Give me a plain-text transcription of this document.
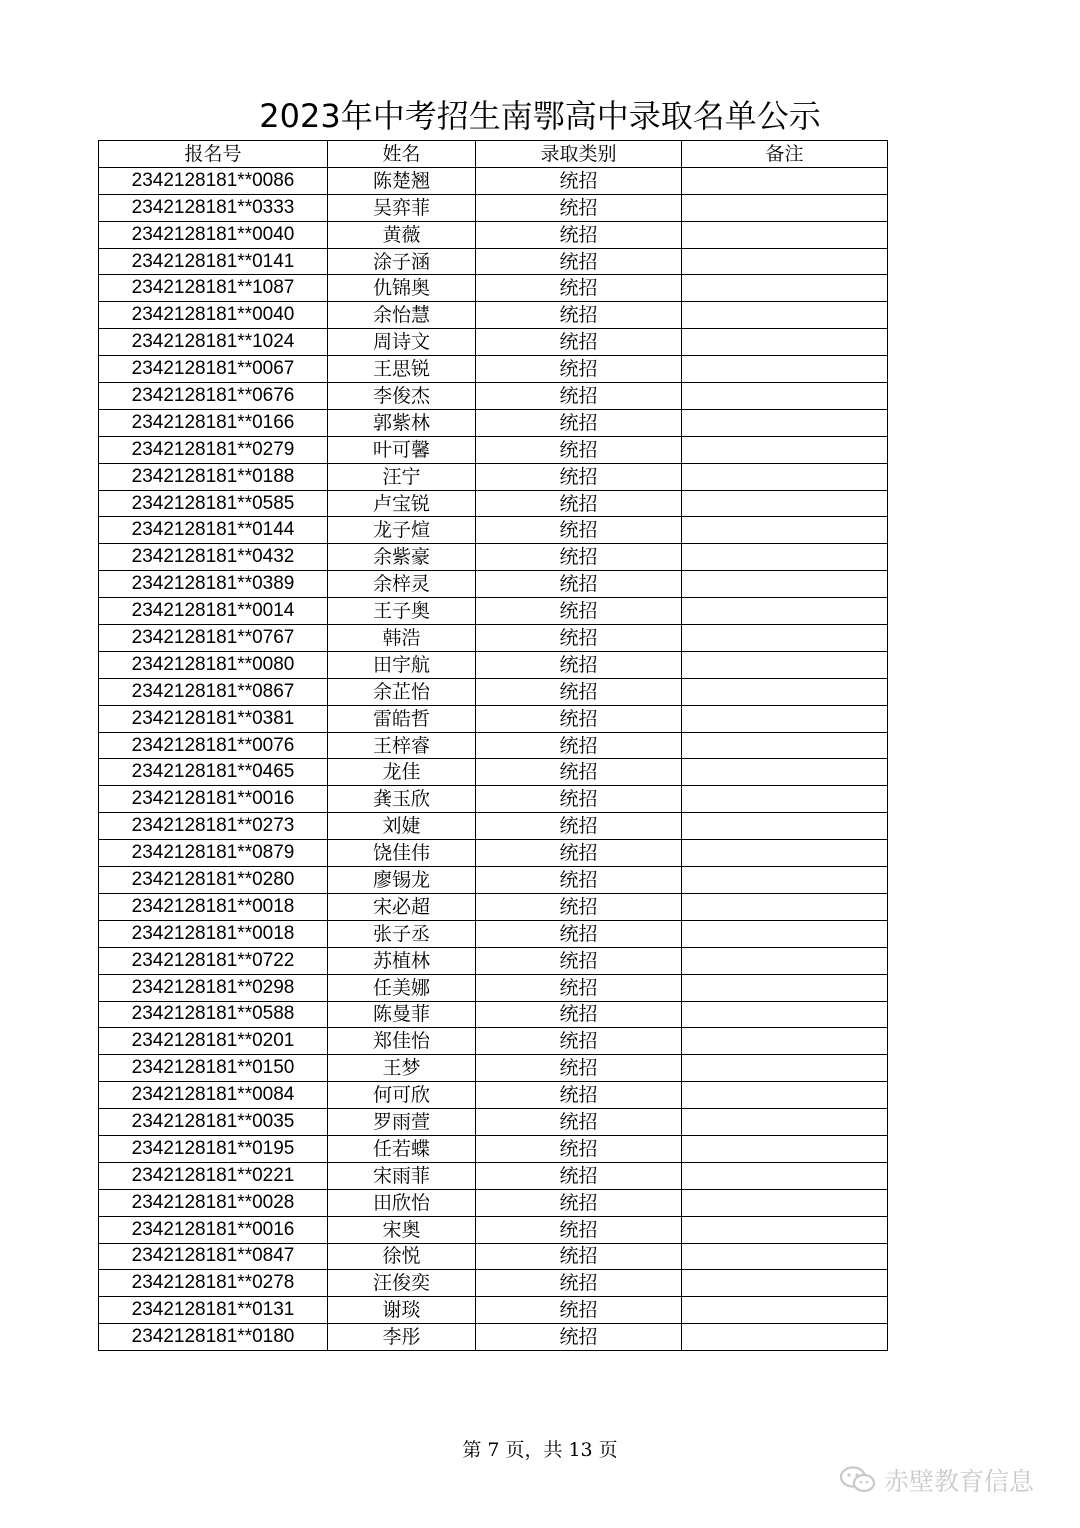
2023年中考招生南鄂高中录取名单公示
报名号	姓名	录取类别	备注
2342128181**0086	陈楚翘	统招	
2342128181**0333	吴弈菲	统招	
2342128181**0040	黄薇	统招	
2342128181**0141	涂子涵	统招	
2342128181**1087	仇锦奥	统招	
2342128181**0040	余怡慧	统招	
2342128181**1024	周诗文	统招	
2342128181**0067	王思锐	统招	
2342128181**0676	李俊杰	统招	
2342128181**0166	郭紫林	统招	
2342128181**0279	叶可馨	统招	
2342128181**0188	汪宁	统招	
2342128181**0585	卢宝锐	统招	
2342128181**0144	龙子煊	统招	
2342128181**0432	余紫豪	统招	
2342128181**0389	余梓灵	统招	
2342128181**0014	王子奥	统招	
2342128181**0767	韩浩	统招	
2342128181**0080	田宇航	统招	
2342128181**0867	余芷怡	统招	
2342128181**0381	雷皓哲	统招	
2342128181**0076	王梓睿	统招	
2342128181**0465	龙佳	统招	
2342128181**0016	龚玉欣	统招	
2342128181**0273	刘婕	统招	
2342128181**0879	饶佳伟	统招	
2342128181**0280	廖锡龙	统招	
2342128181**0018	宋必超	统招	
2342128181**0018	张子丞	统招	
2342128181**0722	苏植林	统招	
2342128181**0298	任美娜	统招	
2342128181**0588	陈曼菲	统招	
2342128181**0201	郑佳怡	统招	
2342128181**0150	王梦	统招	
2342128181**0084	何可欣	统招	
2342128181**0035	罗雨萱	统招	
2342128181**0195	任若蝶	统招	
2342128181**0221	宋雨菲	统招	
2342128181**0028	田欣怡	统招	
2342128181**0016	宋奥	统招	
2342128181**0847	徐悦	统招	
2342128181**0278	汪俊奕	统招	
2342128181**0131	谢琰	统招	
2342128181**0180	李彤	统招	
第 7 页，共 13 页
赤壁教育信息
